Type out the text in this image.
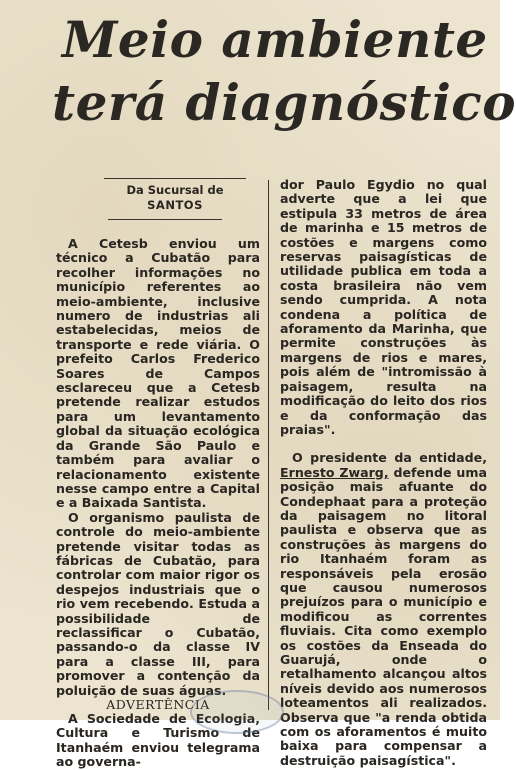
Meio ambiente
terá diagnóstico
Da Sucursal de
SANTOS

A Cetesb enviou um técnico a Cubatão para recolher informações no município referentes ao meio-ambiente, inclusive numero de industrias ali estabelecidas, meios de transporte e rede viária. O prefeito Carlos Frederico Soares de Campos esclareceu que a Cetesb pretende realizar estudos para um levantamento global da situação ecológica da Grande São Paulo e também para avaliar o relacionamento existente nesse campo entre a Capital e a Baixada Santista.

O organismo paulista de controle do meio-ambiente pretende visitar todas as fábricas de Cubatão, para controlar com maior rigor os despejos industriais que o rio vem recebendo. Estuda a possibilidade de reclassificar o Cubatão, passando-o da classe IV para a classe III, para promover a contenção da poluição de suas águas.

ADVERTÊNCIA

A Sociedade de Ecologia, Cultura e Turismo de Itanhaém enviou telegrama ao governa-

dor Paulo Egydio no qual adverte que a lei que estipula 33 metros de área de marinha e 15 metros de costões e margens como reservas paisagísticas de utilidade publica em toda a costa brasileira não vem sendo cumprida. A nota condena a política de aforamento da Marinha, que permite construções às margens de rios e mares, pois além de "intromissão à paisagem, resulta na modificação do leito dos rios e da conformação das praias".

O presidente da entidade, Ernesto Zwarg, defende uma posição mais afuante do Condephaat para a proteção da paisagem no litoral paulista e observa que as construções às margens do rio Itanhaém foram as responsáveis pela erosão que causou numerosos prejuízos para o município e modificou as correntes fluviais. Cita como exemplo os costões da Enseada do Guarujá, onde o retalhamento alcançou altos níveis devido aos numerosos loteamentos ali realizados. Observa que "a renda obtida com os aforamentos é muito baixa para compensar a destruição paisagística".
